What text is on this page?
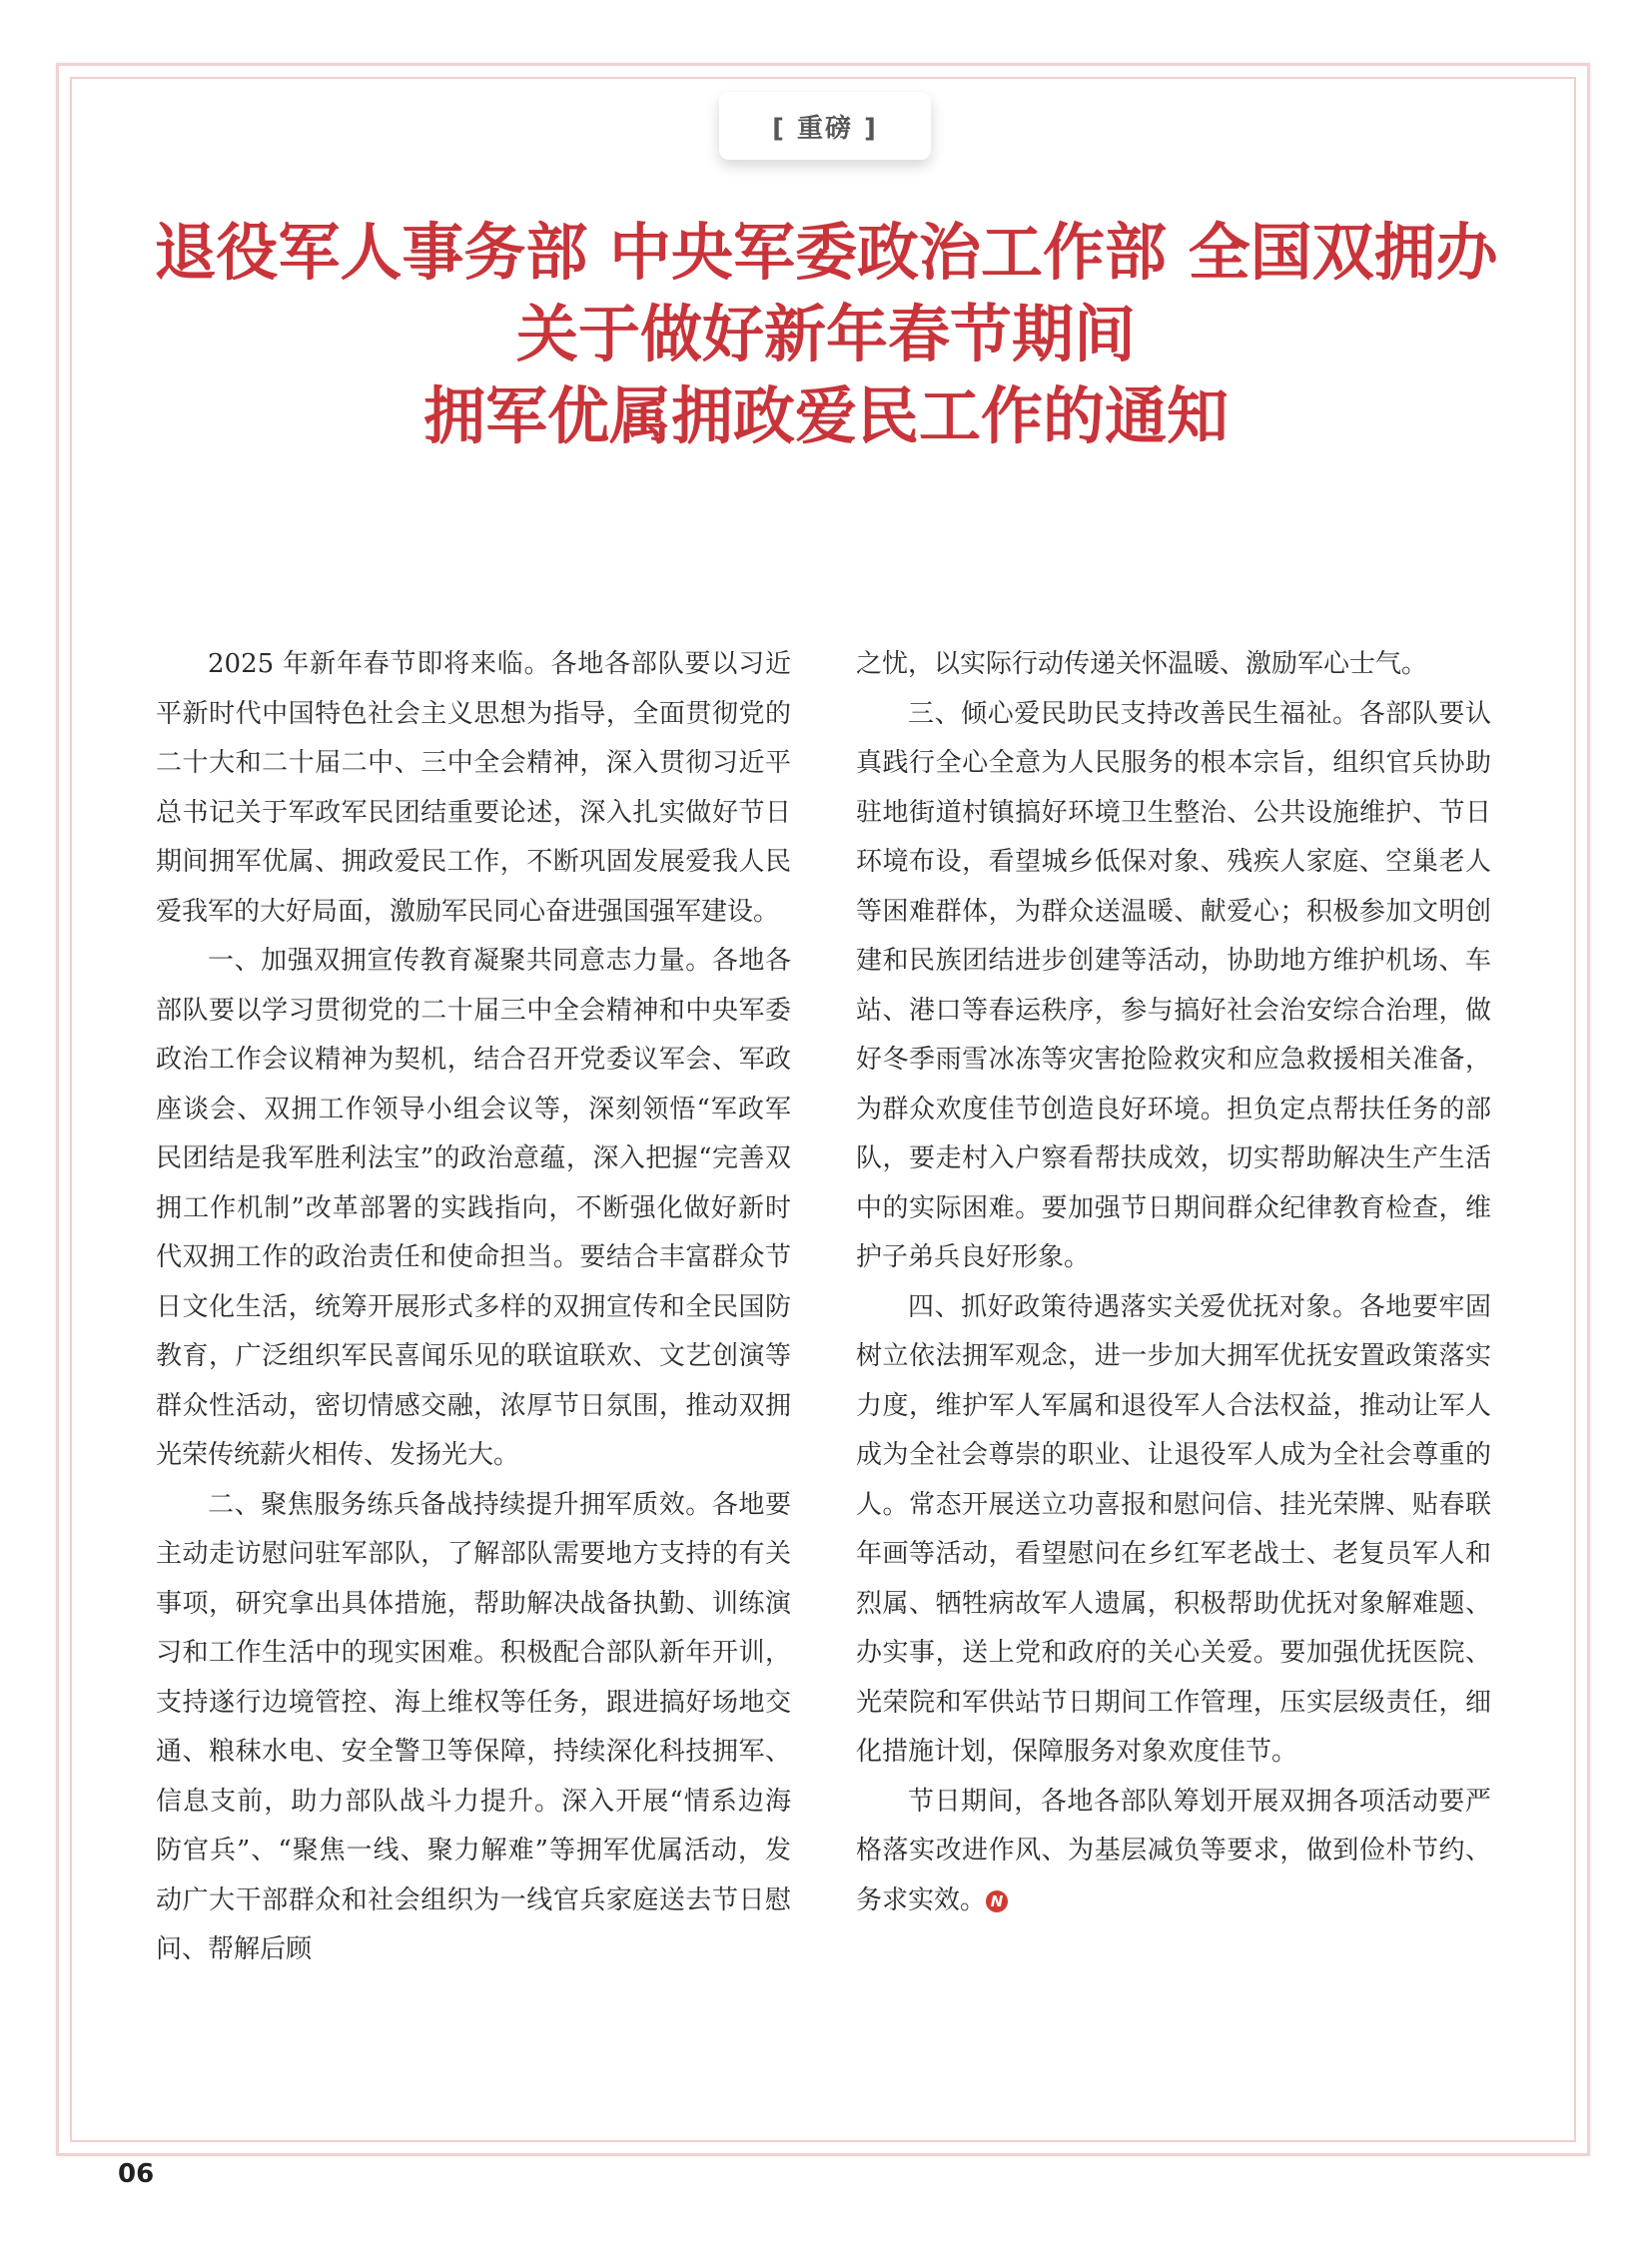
[ 重磅 ]
退役军人事务部 中央军委政治工作部 全国双拥办
关于做好新年春节期间
拥军优属拥政爱民工作的通知

2025 年新年春节即将来临。各地各部队要以习近平新时代中国特色社会主义思想为指导，全面贯彻党的二十大和二十届二中、三中全会精神，深入贯彻习近平总书记关于军政军民团结重要论述，深入扎实做好节日期间拥军优属、拥政爱民工作，不断巩固发展爱我人民爱我军的大好局面，激励军民同心奋进强国强军建设。

一、加强双拥宣传教育凝聚共同意志力量。各地各部队要以学习贯彻党的二十届三中全会精神和中央军委政治工作会议精神为契机，结合召开党委议军会、军政座谈会、双拥工作领导小组会议等，深刻领悟“军政军民团结是我军胜利法宝”的政治意蕴，深入把握“完善双拥工作机制”改革部署的实践指向，不断强化做好新时代双拥工作的政治责任和使命担当。要结合丰富群众节日文化生活，统筹开展形式多样的双拥宣传和全民国防教育，广泛组织军民喜闻乐见的联谊联欢、文艺创演等群众性活动，密切情感交融，浓厚节日氛围，推动双拥光荣传统薪火相传、发扬光大。

二、聚焦服务练兵备战持续提升拥军质效。各地要主动走访慰问驻军部队，了解部队需要地方支持的有关事项，研究拿出具体措施，帮助解决战备执勤、训练演习和工作生活中的现实困难。积极配合部队新年开训，支持遂行边境管控、海上维权等任务，跟进搞好场地交通、粮秣水电、安全警卫等保障，持续深化科技拥军、信息支前，助力部队战斗力提升。深入开展“情系边海防官兵”、“聚焦一线、聚力解难”等拥军优属活动，发动广大干部群众和社会组织为一线官兵家庭送去节日慰问、帮解后顾

之忧，以实际行动传递关怀温暖、激励军心士气。

三、倾心爱民助民支持改善民生福祉。各部队要认真践行全心全意为人民服务的根本宗旨，组织官兵协助驻地街道村镇搞好环境卫生整治、公共设施维护、节日环境布设，看望城乡低保对象、残疾人家庭、空巢老人等困难群体，为群众送温暖、献爱心；积极参加文明创建和民族团结进步创建等活动，协助地方维护机场、车站、港口等春运秩序，参与搞好社会治安综合治理，做好冬季雨雪冰冻等灾害抢险救灾和应急救援相关准备，为群众欢度佳节创造良好环境。担负定点帮扶任务的部队，要走村入户察看帮扶成效，切实帮助解决生产生活中的实际困难。要加强节日期间群众纪律教育检查，维护子弟兵良好形象。

四、抓好政策待遇落实关爱优抚对象。各地要牢固树立依法拥军观念，进一步加大拥军优抚安置政策落实力度，维护军人军属和退役军人合法权益，推动让军人成为全社会尊崇的职业、让退役军人成为全社会尊重的人。常态开展送立功喜报和慰问信、挂光荣牌、贴春联年画等活动，看望慰问在乡红军老战士、老复员军人和烈属、牺牲病故军人遗属，积极帮助优抚对象解难题、办实事，送上党和政府的关心关爱。要加强优抚医院、光荣院和军供站节日期间工作管理，压实层级责任，细化措施计划，保障服务对象欢度佳节。

节日期间，各地各部队筹划开展双拥各项活动要严格落实改进作风、为基层减负等要求，做到俭朴节约、务求实效。 N

06
